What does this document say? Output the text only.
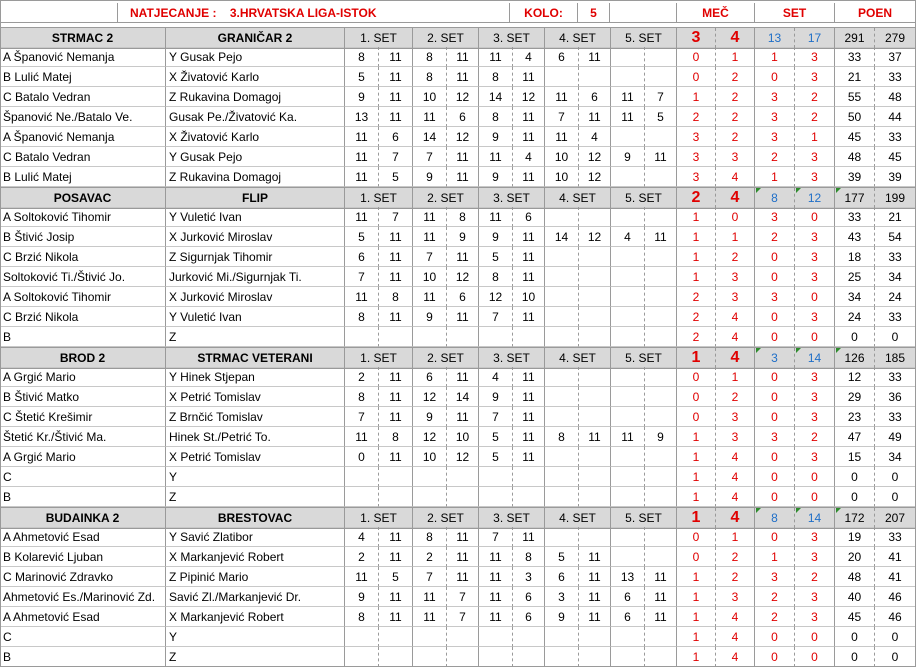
NATJECANJE : 3.HRVATSKA LIGA-ISTOK	KOLO:	5	MEČ	SET	POEN
STRMAC 2	GRANIČAR 2	1. SET	2. SET	3. SET	4. SET	5. SET	3	4	13	17	291	279
A Španović Nemanja	Y Gusak Pejo	8	11	8	11	11	4	6	11	0	1	1	3	33	37
B Lulić Matej	X Živatović Karlo	5	11	8	11	8	11	0	2	0	3	21	33
C Batalo Vedran	Z Rukavina Domagoj	9	11	10	12	14	12	11	6	11	7	1	2	3	2	55	48
Španović Ne./Batalo Ve.	Gusak Pe./Živatović Ka.	13	11	11	6	8	11	7	11	11	5	2	2	3	2	50	44
A Španović Nemanja	X Živatović Karlo	11	6	14	12	9	11	11	4	3	2	3	1	45	33
C Batalo Vedran	Y Gusak Pejo	11	7	7	11	11	4	10	12	9	11	3	3	2	3	48	45
B Lulić Matej	Z Rukavina Domagoj	11	5	9	11	9	11	10	12	3	4	1	3	39	39
POSAVAC	FLIP	1. SET	2. SET	3. SET	4. SET	5. SET	2	4	8	12	177	199
A Soltoković Tihomir	Y Vuletić Ivan	11	7	11	8	11	6	1	0	3	0	33	21
B Štivić Josip	X Jurković Miroslav	5	11	11	9	9	11	14	12	4	11	1	1	2	3	43	54
C Brzić Nikola	Z Sigurnjak Tihomir	6	11	7	11	5	11	1	2	0	3	18	33
Soltoković Ti./Štivić Jo.	Jurković Mi./Sigurnjak Ti.	7	11	10	12	8	11	1	3	0	3	25	34
A Soltoković Tihomir	X Jurković Miroslav	11	8	11	6	12	10	2	3	3	0	34	24
C Brzić Nikola	Y Vuletić Ivan	8	11	9	11	7	11	2	4	0	3	24	33
B	Z	2	4	0	0	0	0
BROD 2	STRMAC VETERANI	1. SET	2. SET	3. SET	4. SET	5. SET	1	4	3	14	126	185
A Grgić Mario	Y Hinek Stjepan	2	11	6	11	4	11	0	1	0	3	12	33
B Štivić Matko	X Petrić Tomislav	8	11	12	14	9	11	0	2	0	3	29	36
C Štetić Krešimir	Z Brnčić Tomislav	7	11	9	11	7	11	0	3	0	3	23	33
Štetić Kr./Štivić Ma.	Hinek St./Petrić To.	11	8	12	10	5	11	8	11	11	9	1	3	3	2	47	49
A Grgić Mario	X Petrić Tomislav	0	11	10	12	5	11	1	4	0	3	15	34
C	Y	1	4	0	0	0	0
B	Z	1	4	0	0	0	0
BUDAINKA 2	BRESTOVAC	1. SET	2. SET	3. SET	4. SET	5. SET	1	4	8	14	172	207
A Ahmetović Esad	Y Savić Zlatibor	4	11	8	11	7	11	0	1	0	3	19	33
B Kolarević Ljuban	X Markanjević Robert	2	11	2	11	11	8	5	11	0	2	1	3	20	41
C Marinović Zdravko	Z Pipinić Mario	11	5	7	11	11	3	6	11	13	11	1	2	3	2	48	41
Ahmetović Es./Marinović Zd.	Savić Zl./Markanjević Dr.	9	11	11	7	11	6	3	11	6	11	1	3	2	3	40	46
A Ahmetović Esad	X Markanjević Robert	8	11	11	7	11	6	9	11	6	11	1	4	2	3	45	46
C	Y	1	4	0	0	0	0
B	Z	1	4	0	0	0	0
